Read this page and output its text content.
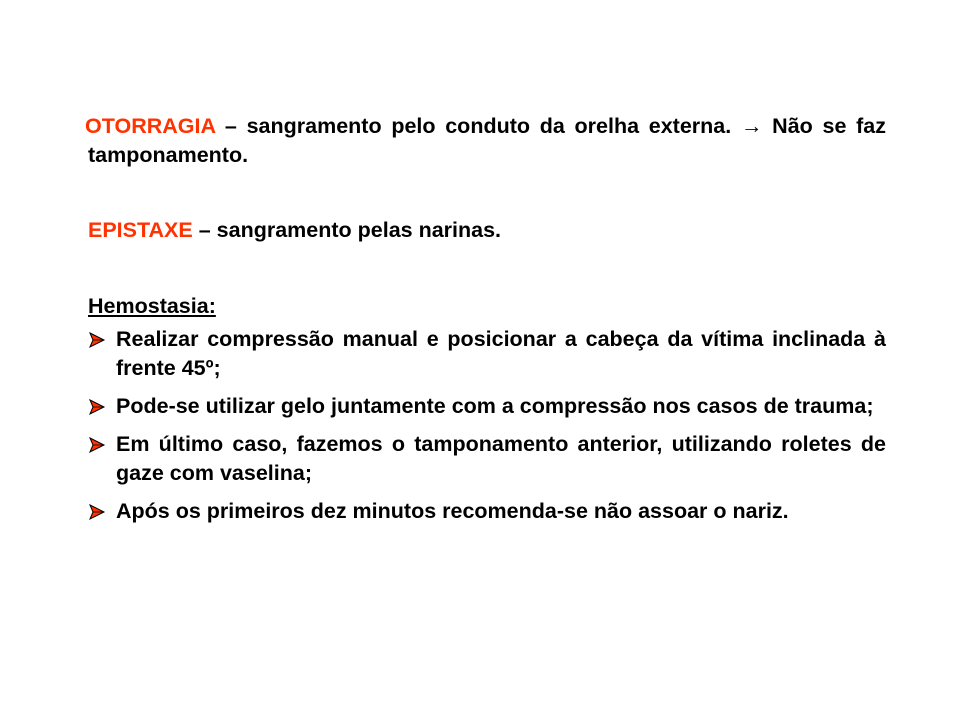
OTORRAGIA – sangramento pelo conduto da orelha externa. → Não se faz tamponamento.

EPISTAXE – sangramento pelas narinas.

Hemostasia:

Realizar compressão manual e posicionar a cabeça da vítima inclinada à frente 45º;
Pode-se utilizar gelo juntamente com a compressão nos casos de trauma;
Em último caso, fazemos o tamponamento anterior, utilizando roletes de gaze com vaselina;
Após os primeiros dez minutos recomenda-se não assoar o nariz.
